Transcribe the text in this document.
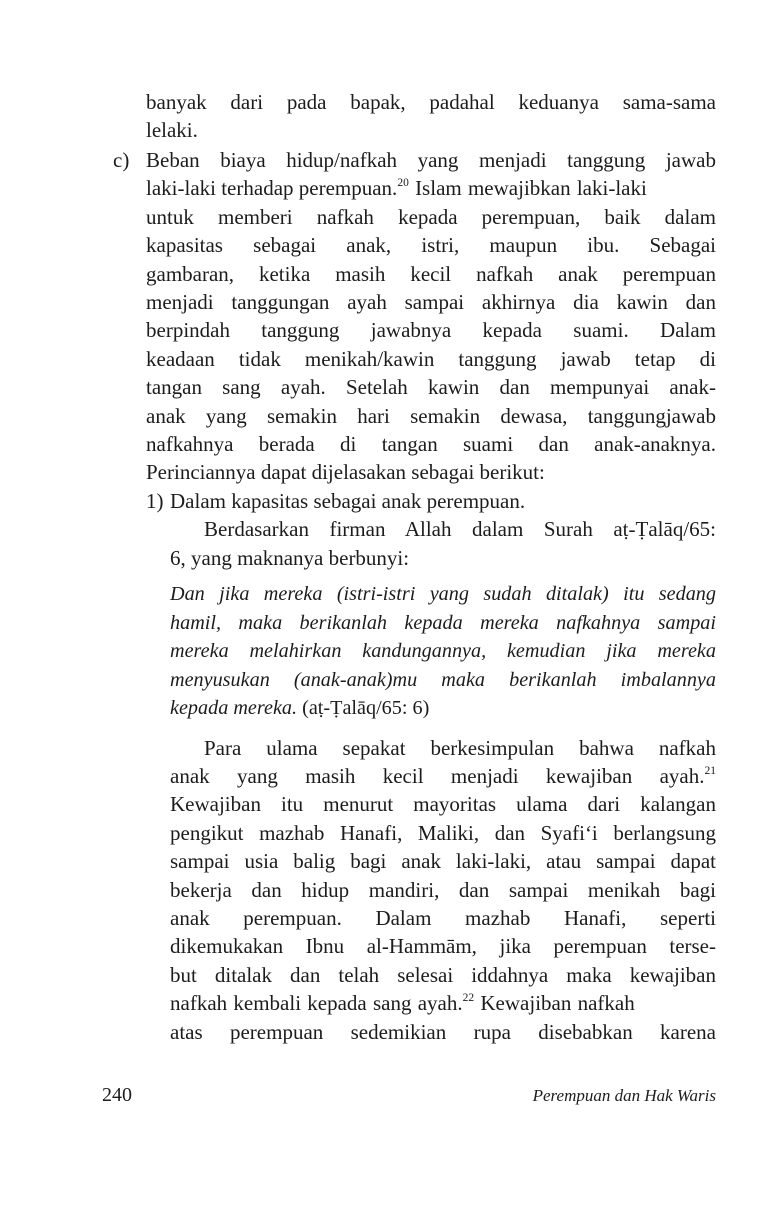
banyak dari pada bapak, padahal keduanya sama-sama
lelaki.
c) Beban biaya hidup/nafkah yang menjadi tanggung jawab
laki-laki terhadap perempuan.$^{20}$ Islam mewajibkan laki-laki
untuk memberi nafkah kepada perempuan, baik dalam
kapasitas sebagai anak, istri, maupun ibu. Sebagai
gambaran, ketika masih kecil nafkah anak perempuan
menjadi tanggungan ayah sampai akhirnya dia kawin dan
berpindah tanggung jawabnya kepada suami. Dalam
keadaan tidak menikah/kawin tanggung jawab tetap di
tangan sang ayah. Setelah kawin dan mempunyai anak-
anak yang semakin hari semakin dewasa, tanggungjawab
nafkahnya berada di tangan suami dan anak-anaknya.
Perinciannya dapat dijelasakan sebagai berikut:
1) Dalam kapasitas sebagai anak perempuan.
Berdasarkan firman Allah dalam Surah aṭ-Ṭalāq/65:
6, yang maknanya berbunyi:
Dan jika mereka (istri-istri yang sudah ditalak) itu sedang
hamil, maka berikanlah kepada mereka nafkahnya sampai
mereka melahirkan kandungannya, kemudian jika mereka
menyusukan (anak-anak)mu maka berikanlah imbalannya
kepada mereka. (aṭ-Ṭalāq/65: 6)
Para ulama sepakat berkesimpulan bahwa nafkah
anak yang masih kecil menjadi kewajiban ayah.$^{21}$
Kewajiban itu menurut mayoritas ulama dari kalangan
pengikut mazhab Hanafi, Maliki, dan Syafi‘i berlangsung
sampai usia balig bagi anak laki-laki, atau sampai dapat
bekerja dan hidup mandiri, dan sampai menikah bagi
anak perempuan. Dalam mazhab Hanafi, seperti
dikemukakan Ibnu al-Hammām, jika perempuan terse-
but ditalak dan telah selesai iddahnya maka kewajiban
nafkah kembali kepada sang ayah.$^{22}$ Kewajiban nafkah
atas perempuan sedemikian rupa disebabkan karena
240	Perempuan dan Hak Waris
